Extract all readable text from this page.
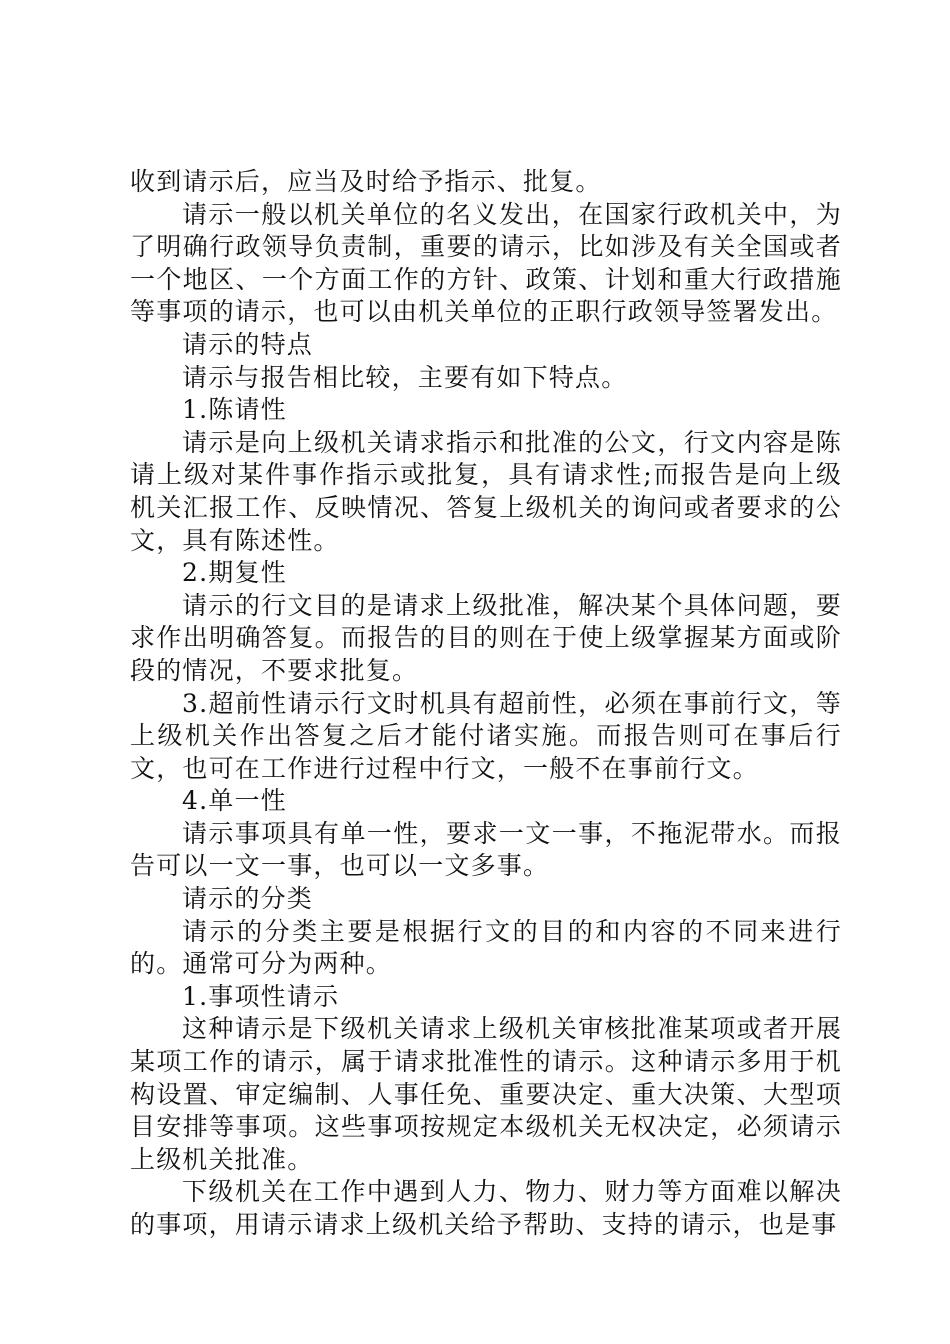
收到请示后，应当及时给予指示、批复。

请示一般以机关单位的名义发出，在国家行政机关中，为了明确行政领导负责制，重要的请示，比如涉及有关全国或者一个地区、一个方面工作的方针、政策、计划和重大行政措施等事项的请示，也可以由机关单位的正职行政领导签署发出。

请示的特点

请示与报告相比较，主要有如下特点。

1.陈请性

请示是向上级机关请求指示和批准的公文，行文内容是陈请上级对某件事作指示或批复，具有请求性;而报告是向上级机关汇报工作、反映情况、答复上级机关的询问或者要求的公文，具有陈述性。

2.期复性

请示的行文目的是请求上级批准，解决某个具体问题，要求作出明确答复。而报告的目的则在于使上级掌握某方面或阶段的情况，不要求批复。

3.超前性请示行文时机具有超前性，必须在事前行文，等上级机关作出答复之后才能付诸实施。而报告则可在事后行文，也可在工作进行过程中行文，一般不在事前行文。

4.单一性

请示事项具有单一性，要求一文一事，不拖泥带水。而报告可以一文一事，也可以一文多事。

请示的分类

请示的分类主要是根据行文的目的和内容的不同来进行的。通常可分为两种。

1.事项性请示

这种请示是下级机关请求上级机关审核批准某项或者开展某项工作的请示，属于请求批准性的请示。这种请示多用于机构设置、审定编制、人事任免、重要决定、重大决策、大型项目安排等事项。这些事项按规定本级机关无权决定，必须请示上级机关批准。

下级机关在工作中遇到人力、物力、财力等方面难以解决的事项，用请示请求上级机关给予帮助、支持的请示，也是事
